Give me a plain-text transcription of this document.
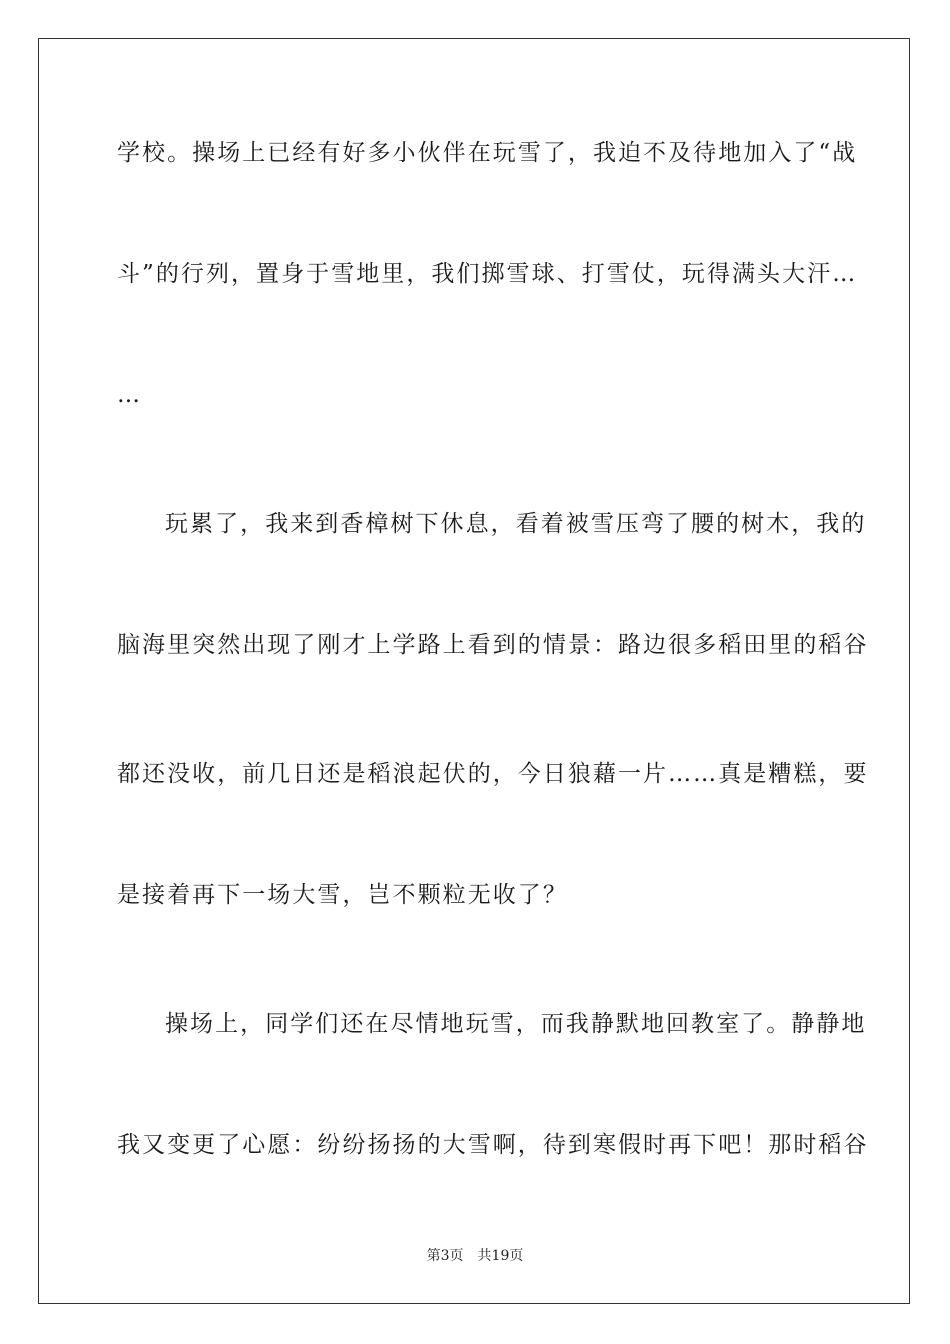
学校。操场上已经有好多小伙伴在玩雪了，我迫不及待地加入了“战
斗”的行列，置身于雪地里，我们掷雪球、打雪仗，玩得满头大汗…
…
玩累了，我来到香樟树下休息，看着被雪压弯了腰的树木，我的
脑海里突然出现了刚才上学路上看到的情景：路边很多稻田里的稻谷
都还没收，前几日还是稻浪起伏的，今日狼藉一片……真是糟糕，要
是接着再下一场大雪，岂不颗粒无收了？
操场上，同学们还在尽情地玩雪，而我静默地回教室了。静静地
我又变更了心愿：纷纷扬扬的大雪啊，待到寒假时再下吧！那时稻谷
第3页 共19页
